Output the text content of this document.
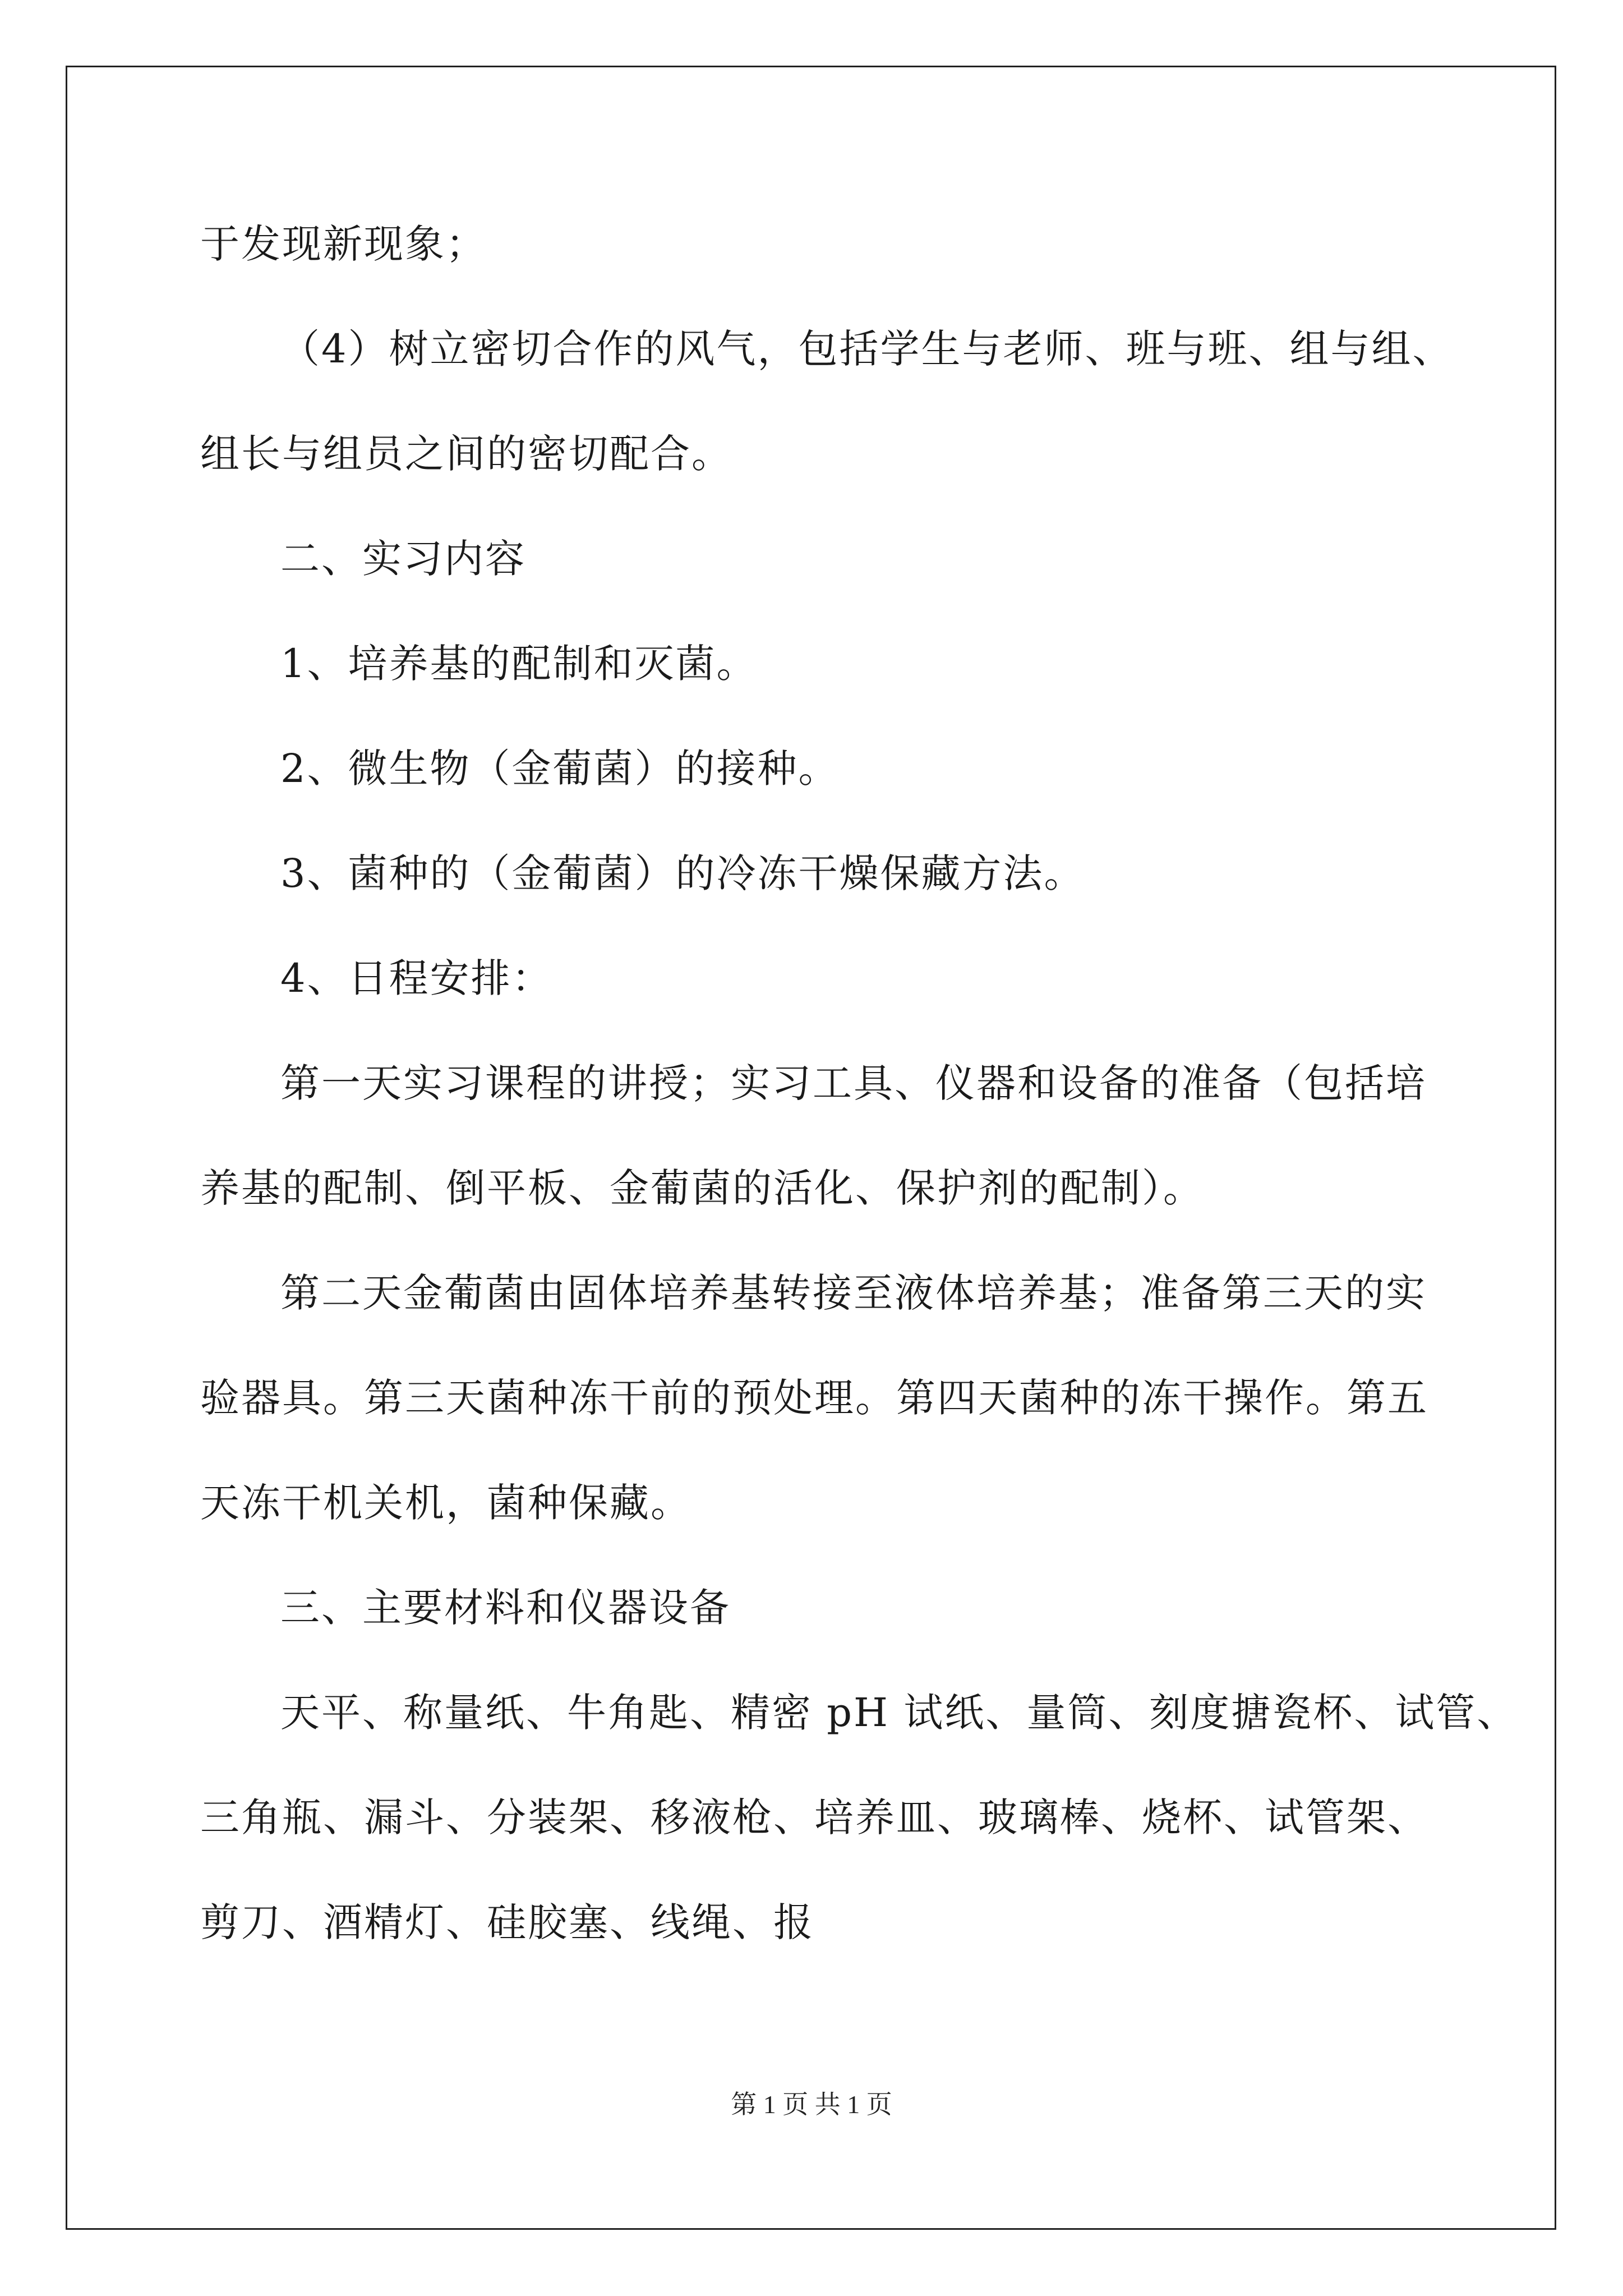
于发现新现象；
（4）树立密切合作的风气，包括学生与老师、班与班、组与组、
组长与组员之间的密切配合。
二、实习内容
1、培养基的配制和灭菌。
2、微生物（金葡菌）的接种。
3、菌种的（金葡菌）的冷冻干燥保藏方法。
4、日程安排：
第一天实习课程的讲授；实习工具、仪器和设备的准备（包括培
养基的配制、倒平板、金葡菌的活化、保护剂的配制）。
第二天金葡菌由固体培养基转接至液体培养基；准备第三天的实
验器具。第三天菌种冻干前的预处理。第四天菌种的冻干操作。第五
天冻干机关机，菌种保藏。
三、主要材料和仪器设备
天平、称量纸、牛角匙、精密 pH 试纸、量筒、刻度搪瓷杯、试管、
三角瓶、漏斗、分装架、移液枪、培养皿、玻璃棒、烧杯、试管架、
剪刀、酒精灯、硅胶塞、线绳、报
第 1 页 共 1 页
